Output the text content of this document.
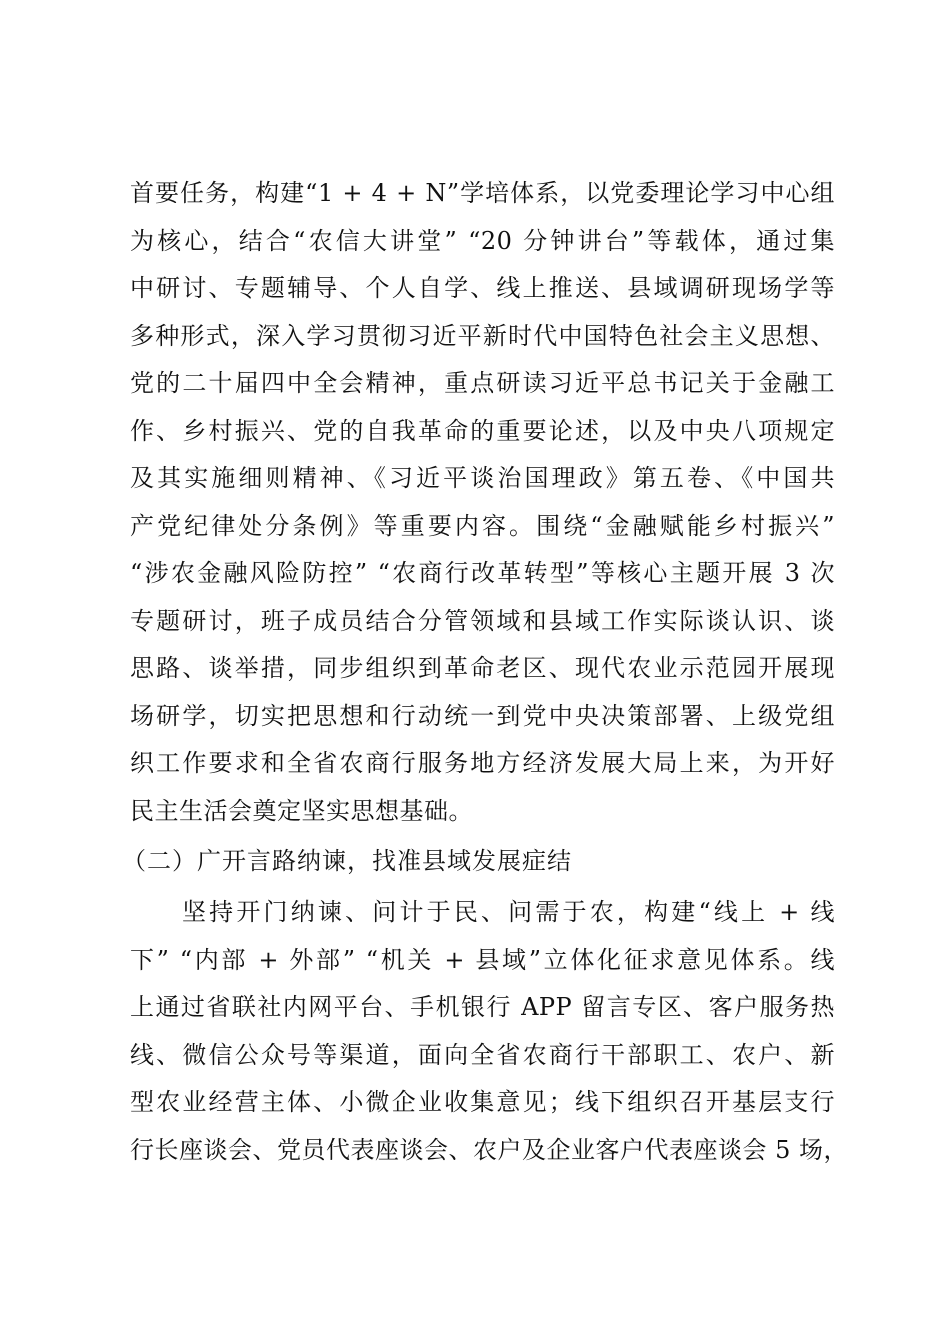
首要任务，构建“1 + 4 + N”学培体系，以党委理论学习中心组
为核心，结合“农信大讲堂” “20 分钟讲台”等载体，通过集
中研讨、专题辅导、个人自学、线上推送、县域调研现场学等
多种形式，深入学习贯彻习近平新时代中国特色社会主义思想、
党的二十届四中全会精神，重点研读习近平总书记关于金融工
作、乡村振兴、党的自我革命的重要论述，以及中央八项规定
及其实施细则精神、《习近平谈治国理政》第五卷、《中国共
产党纪律处分条例》等重要内容。围绕“金融赋能乡村振兴”
“涉农金融风险防控” “农商行改革转型”等核心主题开展 3 次
专题研讨，班子成员结合分管领域和县域工作实际谈认识、谈
思路、谈举措，同步组织到革命老区、现代农业示范园开展现
场研学，切实把思想和行动统一到党中央决策部署、上级党组
织工作要求和全省农商行服务地方经济发展大局上来，为开好
民主生活会奠定坚实思想基础。
（二）广开言路纳谏，找准县域发展症结
坚持开门纳谏、问计于民、问需于农，构建“线上 + 线
下” “内部 + 外部” “机关 + 县域”立体化征求意见体系。线
上通过省联社内网平台、手机银行 APP 留言专区、客户服务热
线、微信公众号等渠道，面向全省农商行干部职工、农户、新
型农业经营主体、小微企业收集意见；线下组织召开基层支行
行长座谈会、党员代表座谈会、农户及企业客户代表座谈会 5 场，
